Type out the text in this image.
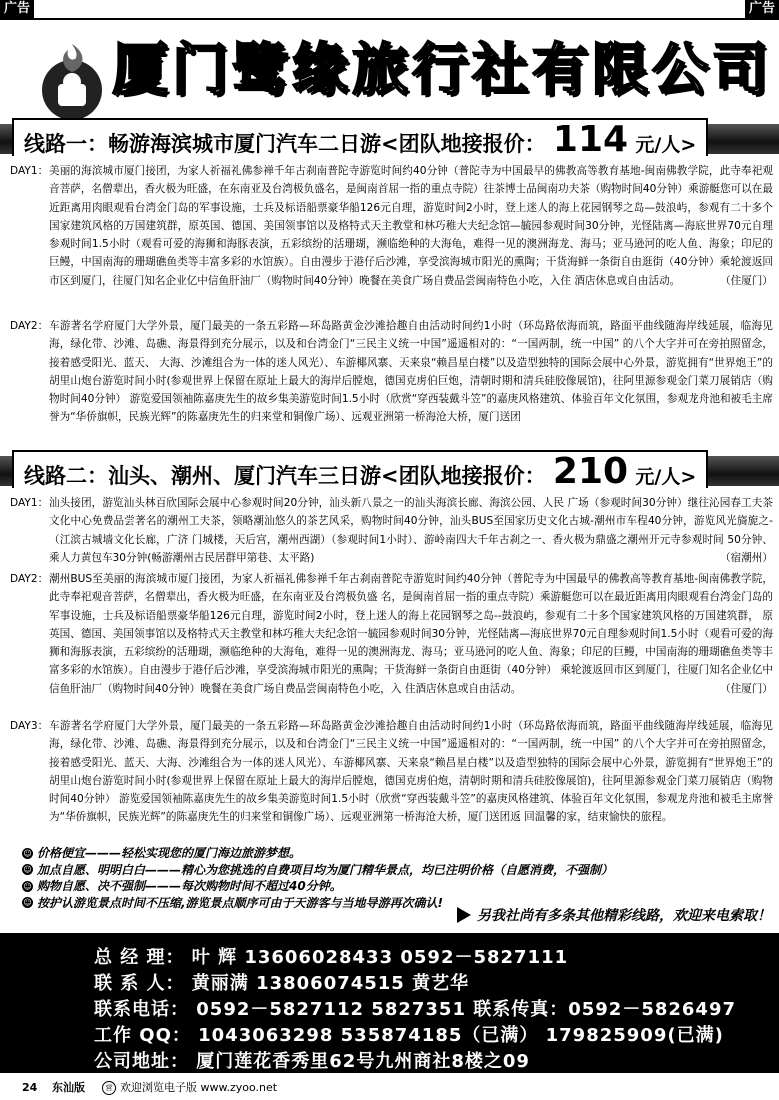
广告	广告
厦门鹭缘旅行社有限公司
线路一：畅游海滨城市厦门汽车二日游<团队地接报价： 114 元/人>
DAY1： 美丽的海滨城市厦门接团，为家人祈福礼佛参禅千年古刹南普陀寺游览时间约40分钟（普陀寺为中国最早的佛教高等教育基地-闽南佛教学院，此寺奉祀观音菩萨，名僧辈出，香火极为旺盛，在东南亚及台湾极负盛名，是闽南首屈一指的重点寺院）往茶博士品闽南功夫茶（购物时间40分钟）乘游艇您可以在最近距离用肉眼观看台湾金门岛的军事设施，士兵及标语船票豪华船126元自理，游览时间2小时，登上迷人的海上花园钢琴之岛—鼓浪屿，参观有二十多个国家建筑风格的万国建筑群，原英国、德国、美国领事馆以及格特式天主教堂和林巧稚大夫纪念馆—毓园参观时间30分钟，光怪陆离—海底世界70元自理参观时间1.5小时（观看可爱的海狮和海豚表演，五彩缤纷的活珊瑚，濒临绝种的大海龟，难得一见的澳洲海龙、海马；亚马逊河的吃人鱼、海象；印尼的巨鳗，中国南海的珊瑚礁鱼类等丰富多彩的水馆族）。自由漫步于港仔后沙滩，享受滨海城市阳光的熏陶；干货海鲜一条街自由逛街（40分钟）乘轮渡返回市区到厦门，往厦门知名企业亿中信鱼肝油厂（购物时间40分钟）晚餐在美食广场自费品尝闽南特色小吃，入住 酒店休息或自由活动。	（住厦门）
DAY2： 车游著名学府厦门大学外景，厦门最美的一条五彩路—环岛路黄金沙滩拾趣自由活动时间约1小时（环岛路依海而筑，路面平曲线随海岸线延展，临海见海，绿化带、沙滩、岛礁、海景得到充分展示，以及和台湾金门“三民主义统一中国”遥遥相对的：“一国两制，统一中国” 的八个大字并可在旁拍照留念，接着感受阳光、蓝天、 大海、沙滩组合为一体的迷人风光）、车游椰风寨、天来泉“赖昌星白楼”以及造型独特的国际会展中心外景，游览拥有“世界炮王”的胡里山炮台游览时间小时(参观世界上保留在原址上最大的海岸后膛炮，德国克虏伯巨炮，清朝时期和清兵硅胶像展馆)，往阿里源参观金门菜刀展销店（购物时间40分钟） 游览爱国领袖陈嘉庚先生的故乡集美游览时间1.5小时（欣赏“穿西装戴斗笠”的嘉庚风格建筑、体验百年文化氛围，参观龙舟池和被毛主席誉为“华侨旗帜，民族光辉”的陈嘉庚先生的归来堂和铜像广场）、远观亚洲第一桥海沧大桥，厦门送团
线路二：汕头、潮州、厦门汽车三日游<团队地接报价： 210 元/人>
DAY1： 汕头接团，游览汕头林百欣国际会展中心参观时间20分钟，汕头新八景之一的汕头海滨长廊、海滨公园、人民 广场（参观时间30分钟）继往沁园春工夫茶文化中心免费品尝著名的潮州工夫茶，领略潮汕悠久的茶艺风采，购物时间40分钟，汕头BUS至国家历史文化古城-潮州市车程40分钟，游览风光旖旎之-（江滨古城墙文化长廊，广济 门城楼，天后宫，潮州西湖）（参观时间1小时）、游岭南四大千年古刹之一、香火极为鼎盛之潮州开元寺参观时间 50分钟、乘人力黄包车30分钟(畅游潮州古民居群甲第巷、太平路)	（宿潮州）
DAY2： 潮州BUS至美丽的海滨城市厦门接团，为家人祈福礼佛参禅千年古刹南普陀寺游览时间约40分钟（普陀寺为中国最早的佛教高等教育基地-闽南佛教学院，此寺奉祀观音菩萨，名僧辈出，香火极为旺盛，在东南亚及台湾极负盛 名，是闽南首屈一指的重点寺院）乘游艇您可以在最近距离用肉眼观看台湾金门岛的军事设施，士兵及标语船票豪华船126元自理，游览时间2小时，登上迷人的海上花园钢琴之岛--鼓浪屿，参观有二十多个国家建筑风格的万国建筑群， 原英国、德国、美国领事馆以及格特式天主教堂和林巧稚大夫纪念馆一毓园参观时间30分钟，光怪陆离—海底世界70元自理参观时间1.5小时（观看可爱的海狮和海豚表演，五彩缤纷的活珊瑚，濒临绝种的大海龟，难得一见的澳洲海龙、海马；亚马逊河的吃人鱼、海象；印尼的巨鳗，中国南海的珊瑚礁鱼类等丰富多彩的水馆族）。自由漫步于港仔后沙滩，享受滨海城市阳光的熏陶；干货海鲜一条街自由逛街（40分钟） 乘轮渡返回市区到厦门，往厦门知名企业亿中信鱼肝油厂（购物时间40分钟）晚餐在美食广场自费品尝闽南特色小吃，入 住酒店休息或自由活动。	（住厦门）
DAY3： 车游著名学府厦门大学外景，厦门最美的一条五彩路—环岛路黄金沙滩拾趣自由活动时间约1小时（环岛路依海而筑，路面平曲线随海岸线延展，临海见海，绿化带、沙滩、岛礁、海景得到充分展示，以及和台湾金门“三民主义统一中国”遥遥相对的：“一国两制，统一中国” 的八个大字并可在旁拍照留念，接着感受阳光、蓝天、大海、沙滩组合为一体的迷人风光）、车游椰风寨、天来泉“赖昌星白楼”以及造型独特的国际会展中心外景，游览拥有“世界炮王”的胡里山炮台游览时间小时(参观世界上保留在原址上最大的海岸后膛炮，德国克虏伯炮，清朝时期和清兵硅胶像展馆)，往阿里源参观金门菜刀展销店（购物时间40分钟） 游览爱国领袖陈嘉庚先生的故乡集美游览时间1.5小时（欣赏“穿西装戴斗笠”的嘉庚风格建筑、体验百年文化氛围，参观龙舟池和被毛主席誉为“华侨旗帜，民族光辉”的陈嘉庚先生的归来堂和铜像广场）、远观亚洲第一桥海沧大桥，厦门送团返 回温馨的家，结束愉快的旅程。
☺ 价格便宜———轻松实现您的厦门海边旅游梦想。
☺ 加点自愿、明明白白———精心为您挑选的自费项目均为厦门精华景点，均已注明价格（自愿消费，不强制）
☺ 购物自愿、决不强制———每次购物时间不超过40分钟。
☺ 按护认游览景点时间不压缩,游览景点顺序可由于天游客与当地导游再次确认!
另我社尚有多条其他精彩线路，欢迎来电索取！
总 经 理： 叶 辉 13606028433 0592－5827111
联 系 人： 黄丽满 13806074515 黄艺华
联系电话： 0592－5827112 5827351 联系传真：0592－5826497
工作 QQ： 1043063298 535874185（已满） 179825909(已满)
公司地址： 厦门莲花香秀里62号九州商社8楼之09
24 东汕版	营 欢迎浏览电子版 www.zyoo.net
